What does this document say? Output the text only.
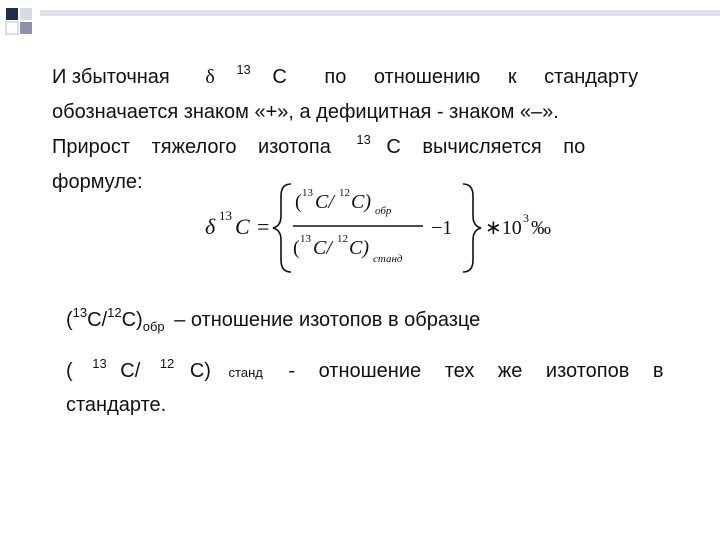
И збыточная δ $^{13}$ С по отношению к стандарту
обозначается знаком «+», а дефицитная - знаком «–».
Прирост тяжелого изотопа $^{13}$ С вычисляется по
формуле:
δ 13 C =
( 13 C/ 12 C) обр
( 13 C/ 12 C) станд
−1 ∗10 3 ‰
$(^{13}C/^{12}C)_{обр}$ – отношение изотопов в образце
( $^{13}$ C/ $^{12}$ C) станд - отношение тех же изотопов в
стандарте.
